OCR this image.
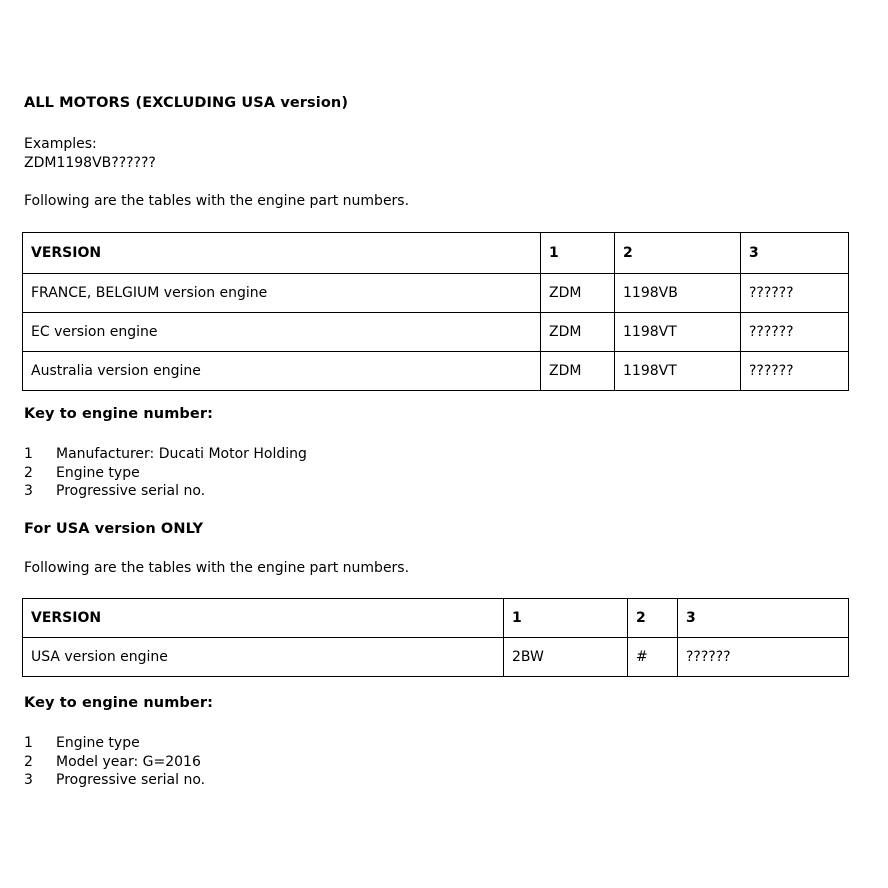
ALL MOTORS (EXCLUDING USA version)
Examples:
ZDM1198VB??????
Following are the tables with the engine part numbers.
VERSION	1	2	3
FRANCE, BELGIUM version engine	ZDM	1198VB	??????
EC version engine	ZDM	1198VT	??????
Australia version engine	ZDM	1198VT	??????
Key to engine number:
1 Manufacturer: Ducati Motor Holding
2 Engine type
3 Progressive serial no.
For USA version ONLY
Following are the tables with the engine part numbers.
VERSION	1	2	3
USA version engine	2BW	#	??????
Key to engine number:
1 Engine type
2 Model year: G=2016
3 Progressive serial no.
